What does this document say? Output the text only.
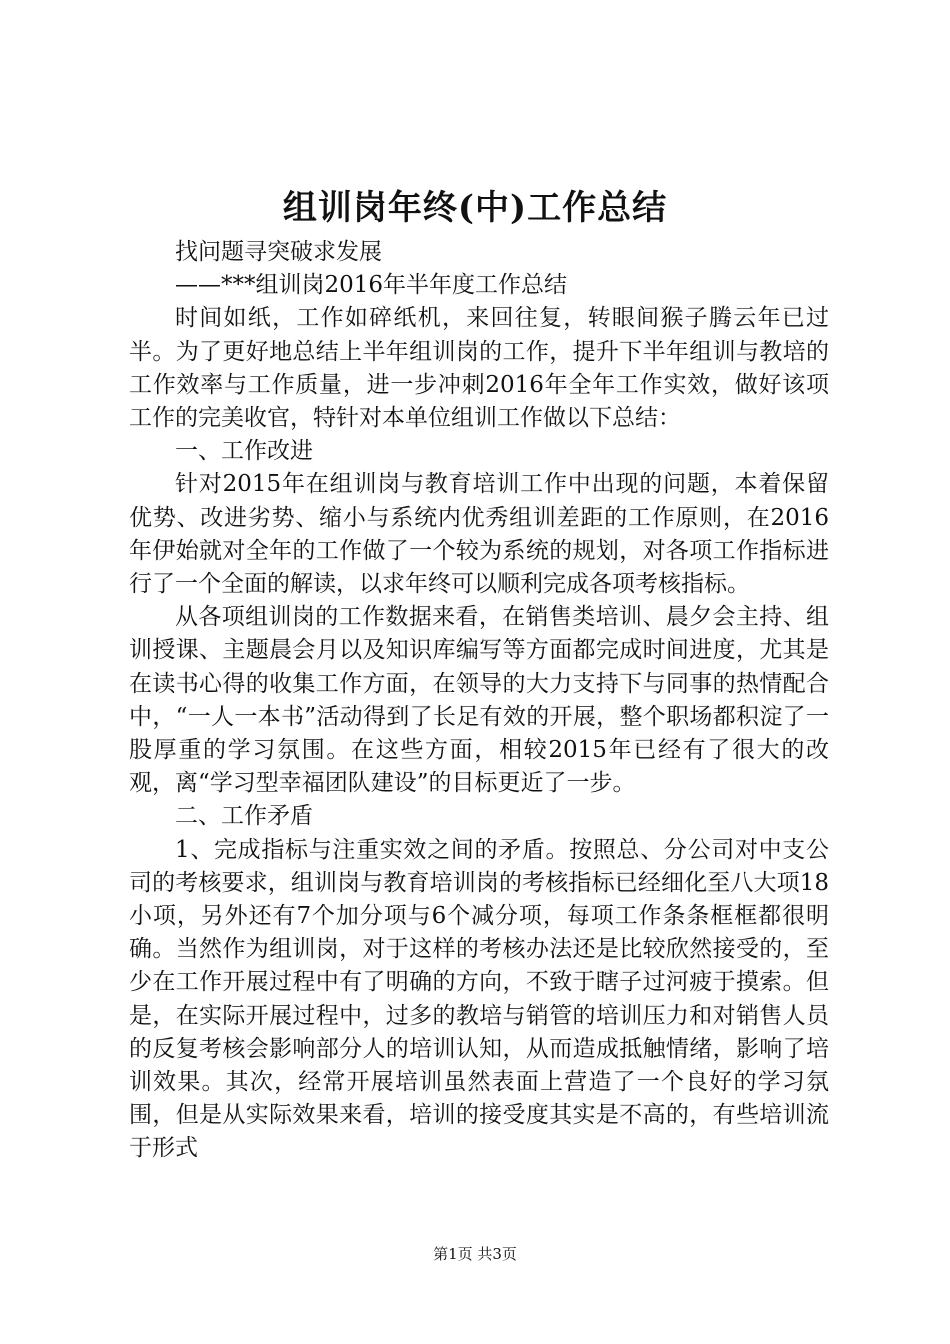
组训岗年终(中)工作总结

找问题寻突破求发展

——***组训岗2016年半年度工作总结

时间如纸，工作如碎纸机，来回往复，转眼间猴子腾云年已过半。为了更好地总结上半年组训岗的工作，提升下半年组训与教培的工作效率与工作质量，进一步冲刺2016年全年工作实效，做好该项工作的完美收官，特针对本单位组训工作做以下总结：

一、工作改进

针对2015年在组训岗与教育培训工作中出现的问题，本着保留优势、改进劣势、缩小与系统内优秀组训差距的工作原则，在2016年伊始就对全年的工作做了一个较为系统的规划，对各项工作指标进行了一个全面的解读，以求年终可以顺利完成各项考核指标。

从各项组训岗的工作数据来看，在销售类培训、晨夕会主持、组训授课、主题晨会月以及知识库编写等方面都完成时间进度，尤其是在读书心得的收集工作方面，在领导的大力支持下与同事的热情配合中，“一人一本书”活动得到了长足有效的开展，整个职场都积淀了一股厚重的学习氛围。在这些方面，相较2015年已经有了很大的改观，离“学习型幸福团队建设”的目标更近了一步。

二、工作矛盾

1、完成指标与注重实效之间的矛盾。按照总、分公司对中支公司的考核要求，组训岗与教育培训岗的考核指标已经细化至八大项18小项，另外还有7个加分项与6个减分项，每项工作条条框框都很明确。当然作为组训岗，对于这样的考核办法还是比较欣然接受的，至少在工作开展过程中有了明确的方向，不致于瞎子过河疲于摸索。但是，在实际开展过程中，过多的教培与销管的培训压力和对销售人员的反复考核会影响部分人的培训认知，从而造成抵触情绪，影响了培训效果。其次，经常开展培训虽然表面上营造了一个良好的学习氛围，但是从实际效果来看，培训的接受度其实是不高的，有些培训流于形式

第1页 共3页
